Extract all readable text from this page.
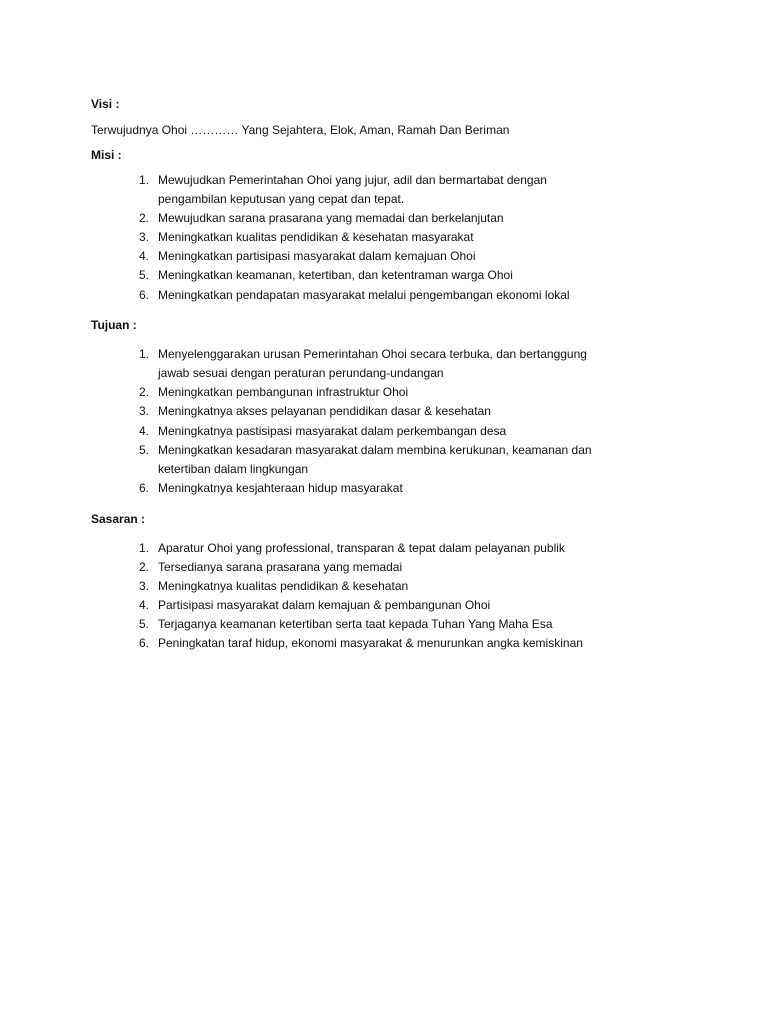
Visi :
Terwujudnya Ohoi ………… Yang Sejahtera, Elok, Aman, Ramah Dan Beriman
Misi :
1. Mewujudkan Pemerintahan Ohoi yang jujur, adil dan bermartabat dengan
pengambilan keputusan yang cepat dan tepat.
2. Mewujudkan sarana prasarana yang memadai dan berkelanjutan
3. Meningkatkan kualitas pendidikan & kesehatan masyarakat
4. Meningkatkan partisipasi masyarakat dalam kemajuan Ohoi
5. Meningkatkan keamanan, ketertiban, dan ketentraman warga Ohoi
6. Meningkatkan pendapatan masyarakat melalui pengembangan ekonomi lokal
Tujuan :
1. Menyelenggarakan urusan Pemerintahan Ohoi secara terbuka, dan bertanggung
jawab sesuai dengan peraturan perundang-undangan
2. Meningkatkan pembangunan infrastruktur Ohoi
3. Meningkatnya akses pelayanan pendidikan dasar & kesehatan
4. Meningkatnya pastisipasi masyarakat dalam perkembangan desa
5. Meningkatkan kesadaran masyarakat dalam membina kerukunan, keamanan dan
ketertiban dalam lingkungan
6. Meningkatnya kesjahteraan hidup masyarakat
Sasaran :
1. Aparatur Ohoi yang professional, transparan & tepat dalam pelayanan publik
2. Tersedianya sarana prasarana yang memadai
3. Meningkatnya kualitas pendidikan & kesehatan
4. Partisipasi masyarakat dalam kemajuan & pembangunan Ohoi
5. Terjaganya keamanan ketertiban serta taat kepada Tuhan Yang Maha Esa
6. Peningkatan taraf hidup, ekonomi masyarakat & menurunkan angka kemiskinan
